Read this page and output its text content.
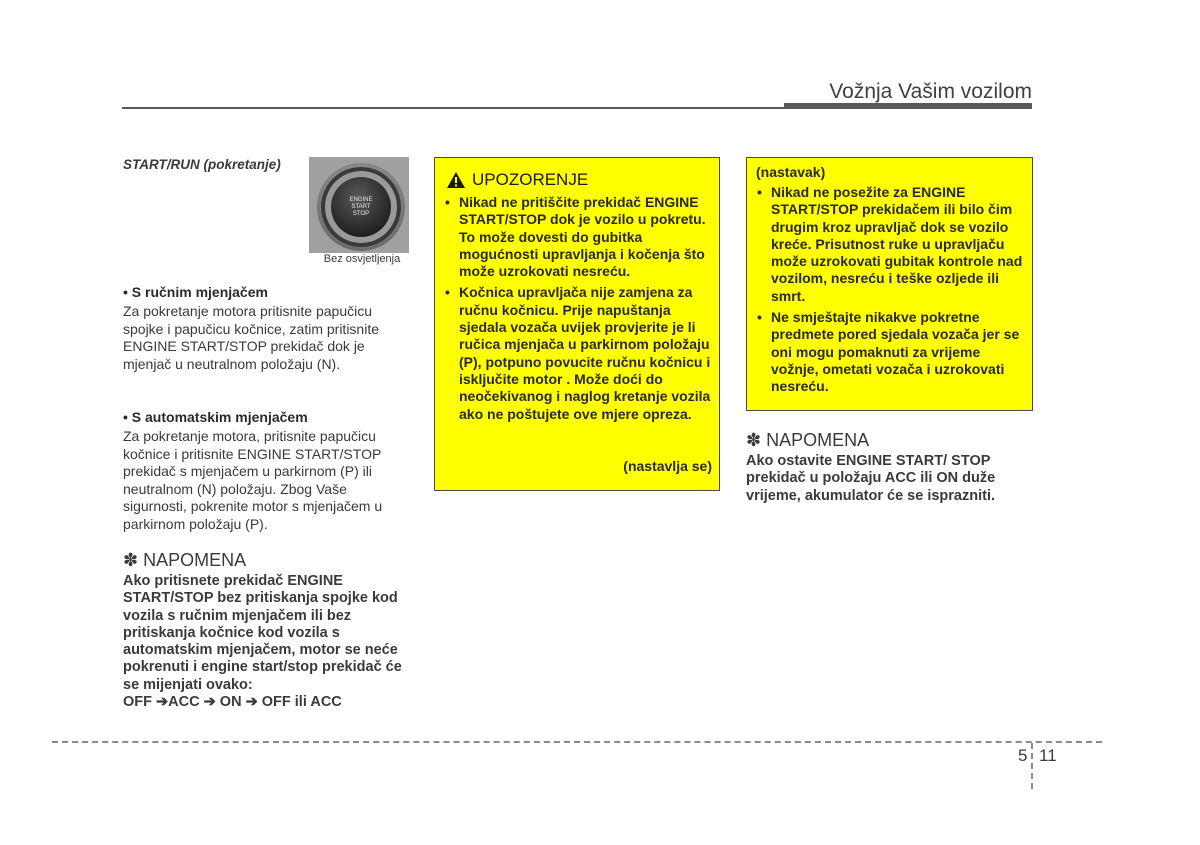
Vožnja Vašim vozilom
START/RUN (pokretanje)
ENGINE
START
STOP
Bez osvjetljenja
• S ručnim mjenjačem
Za pokretanje motora pritisnite papučicu spojke i papučicu kočnice, zatim pritisnite ENGINE START/STOP prekidač dok je mjenjač u neutralnom položaju (N).
• S automatskim mjenjačem
Za pokretanje motora, pritisnite papučicu kočnice i pritisnite ENGINE START/STOP prekidač s mjenjačem u parkirnom (P) ili neutralnom (N) položaju. Zbog Vaše sigurnosti, pokrenite motor s mjenjačem u parkirnom položaju (P).
✽ NAPOMENA
Ako pritisnete prekidač ENGINE START/STOP bez pritiskanja spojke kod vozila s ručnim mjenjačem ili bez pritiskanja kočnice kod vozila s automatskim mjenjačem, motor se neće pokrenuti i engine start/stop prekidač će se mijenjati ovako:
OFF ➔ACC ➔ ON ➔ OFF ili ACC
UPOZORENJE
• Nikad ne pritiščite prekidač ENGINE START/STOP dok je vozilo u pokretu. To može dovesti do gubitka mogućnosti upravljanja i kočenja što može uzrokovati nesreću.
• Kočnica upravljača nije zamjena za ručnu kočnicu. Prije napuštanja sjedala vozača uvijek provjerite je li ručica mjenjača u parkirnom položaju (P), potpuno povucite ručnu kočnicu i isključite motor . Može doći do neočekivanog i naglog kretanje vozila ako ne poštujete ove mjere opreza.
(nastavlja se)
(nastavak)
• Nikad ne posežite za ENGINE START/STOP prekidačem ili bilo čim drugim kroz upravljač dok se vozilo kreće. Prisutnost ruke u upravljaču može uzrokovati gubitak kontrole nad vozilom, nesreću i teške ozljede ili smrt.
• Ne smještajte nikakve pokretne predmete pored sjedala vozača jer se oni mogu pomaknuti za vrijeme vožnje, ometati vozača i uzrokovati nesreću.
✽ NAPOMENA
Ako ostavite ENGINE START/ STOP prekidač u položaju ACC ili ON duže vrijeme, akumulator će se isprazniti.
5 11
